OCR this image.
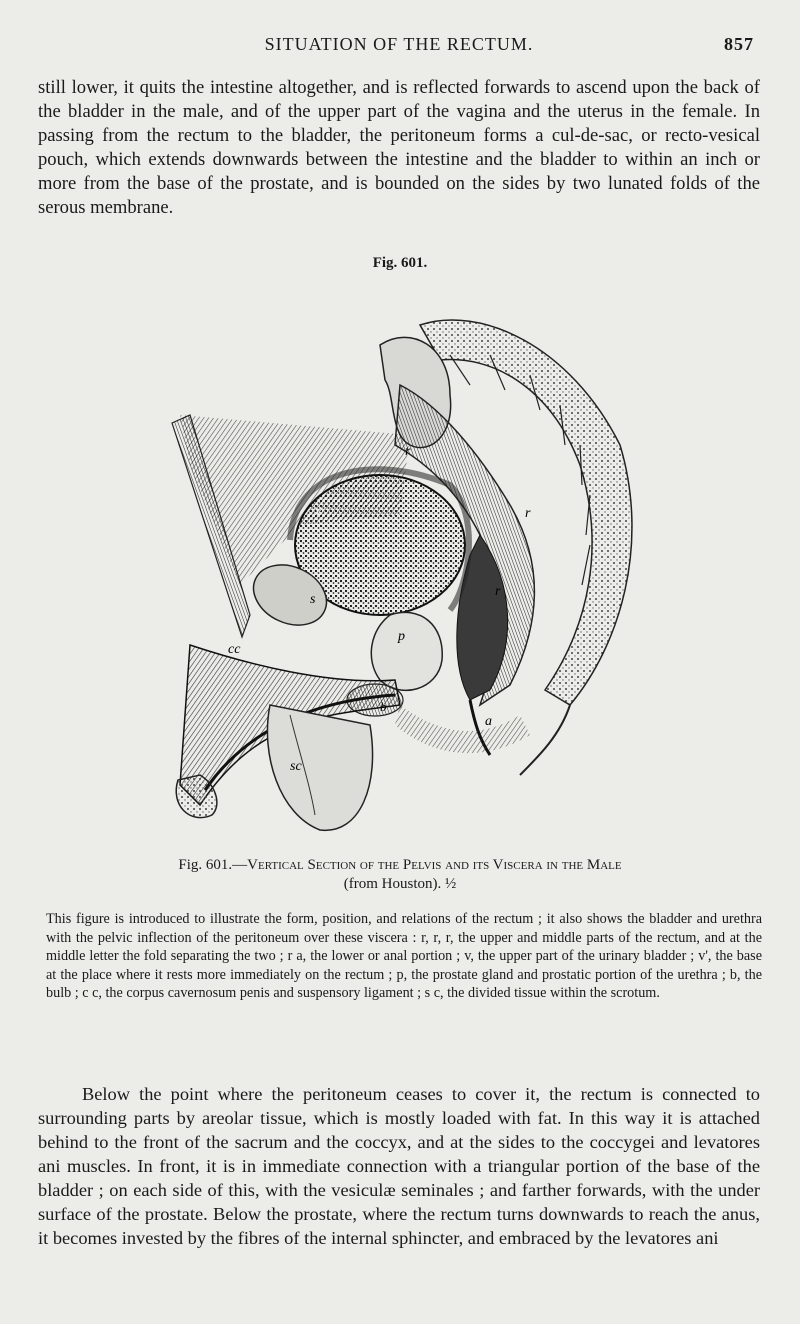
SITUATION OF THE RECTUM.	857

still lower, it quits the intestine altogether, and is reflected forwards to ascend upon the back of the bladder in the male, and of the upper part of the vagina and the uterus in the female. In passing from the rectum to the bladder, the peritoneum forms a cul-de-sac, or recto-vesical pouch, which extends downwards between the intestine and the bladder to within an inch or more from the base of the prostate, and is bounded on the sides by two lunated folds of the serous membrane.

Fig. 601.
r
r
r
v
v'
s
p
b
cc
sc
a
Fig. 601.—Vertical Section of the Pelvis and its Viscera in the Male
(from Houston). ½

This figure is introduced to illustrate the form, position, and relations of the rectum ; it also shows the bladder and urethra with the pelvic inflection of the peritoneum over these viscera : r, r, r, the upper and middle parts of the rectum, and at the middle letter the fold separating the two ; r a, the lower or anal portion ; v, the upper part of the urinary bladder ; v', the base at the place where it rests more immediately on the rectum ; p, the prostate gland and prostatic portion of the urethra ; b, the bulb ; c c, the corpus cavernosum penis and suspensory ligament ; s c, the divided tissue within the scrotum.

Below the point where the peritoneum ceases to cover it, the rectum is connected to surrounding parts by areolar tissue, which is mostly loaded with fat. In this way it is attached behind to the front of the sacrum and the coccyx, and at the sides to the coccygei and levatores ani muscles. In front, it is in immediate connection with a triangular portion of the base of the bladder ; on each side of this, with the vesiculæ seminales ; and farther forwards, with the under surface of the prostate. Below the prostate, where the rectum turns downwards to reach the anus, it becomes invested by the fibres of the internal sphincter, and embraced by the levatores ani
